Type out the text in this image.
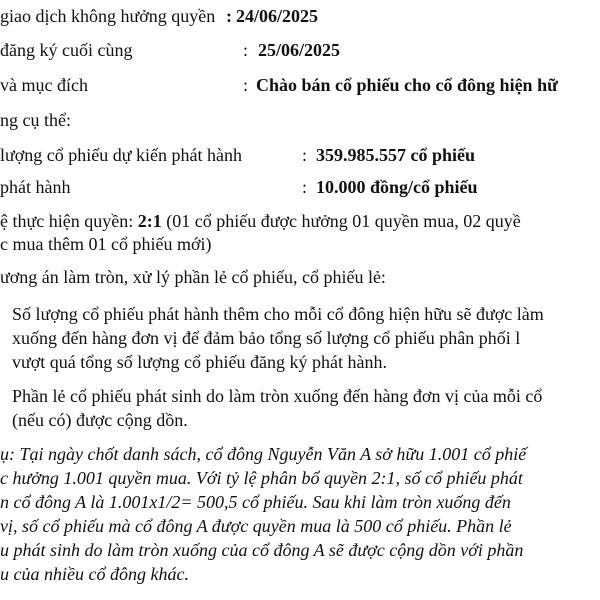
giao dịch không hưởng quyền : 24/06/2025
đăng ký cuối cùng	: 25/06/2025
và mục đích	: Chào bán cổ phiếu cho cổ đông hiện hữ
ng cụ thể:
lượng cổ phiếu dự kiến phát hành	: 359.985.557 cổ phiếu
phát hành	: 10.000 đồng/cổ phiếu
ệ thực hiện quyền: 2:1 (01 cổ phiếu được hưởng 01 quyền mua, 02 quyề
c mua thêm 01 cổ phiếu mới)
ương án làm tròn, xử lý phần lẻ cổ phiếu, cổ phiếu lẻ:
Số lượng cổ phiếu phát hành thêm cho mỗi cổ đông hiện hữu sẽ được làm
xuống đến hàng đơn vị để đảm bảo tổng số lượng cổ phiếu phân phối l
vượt quá tổng số lượng cổ phiếu đăng ký phát hành.
Phần lẻ cổ phiếu phát sinh do làm tròn xuống đến hàng đơn vị của mỗi cổ
(nếu có) được cộng dồn.
ụ: Tại ngày chốt danh sách, cổ đông Nguyễn Văn A sở hữu 1.001 cổ phiế
c hưởng 1.001 quyền mua. Với tỷ lệ phân bổ quyền 2:1, số cổ phiếu phát
n cổ đông A là 1.001x1/2= 500,5 cổ phiếu. Sau khi làm tròn xuống đến
vị, số cổ phiếu mà cổ đông A được quyền mua là 500 cổ phiếu. Phần lẻ
u phát sinh do làm tròn xuống của cổ đông A sẽ được cộng dồn với phần
u của nhiều cổ đông khác.
